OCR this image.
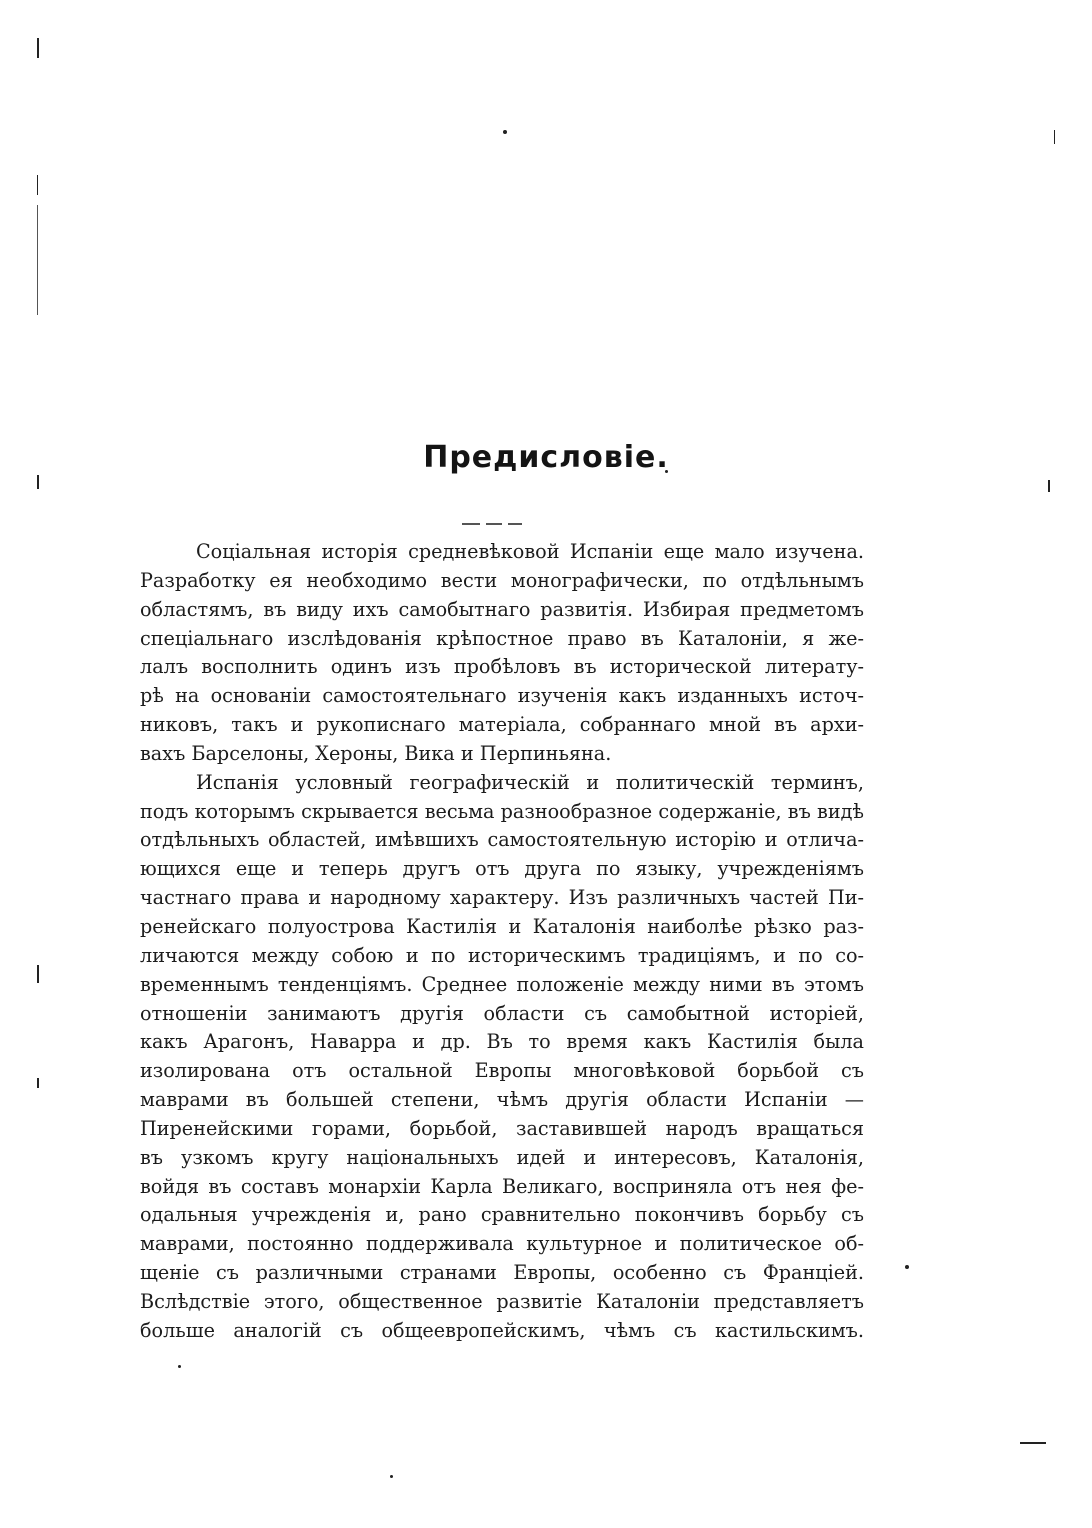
Предисловіе.
Соціальная исторія средневѣковой Испаніи еще мало изучена.
Разработку ея необходимо вести монографически, по отдѣльнымъ
областямъ, въ виду ихъ самобытнаго развитія. Избирая предметомъ
спеціальнаго изслѣдованія крѣпостное право въ Каталоніи, я же-
лалъ восполнить одинъ изъ пробѣловъ въ исторической литерату-
рѣ на основаніи самостоятельнаго изученія какъ изданныхъ источ-
никовъ, такъ и рукописнаго матеріала, собраннаго мной въ архи-
вахъ Барселоны, Хероны, Вика и Перпиньяна.
Испанія условный географическій и политическій терминъ,
подъ которымъ скрывается весьма разнообразное содержаніе, въ видѣ
отдѣльныхъ областей, имѣвшихъ самостоятельную исторію и отлича-
ющихся еще и теперь другъ отъ друга по языку, учрежденіямъ
частнаго права и народному характеру. Изъ различныхъ частей Пи-
ренейскаго полуострова Кастилія и Каталонія наиболѣе рѣзко раз-
личаются между собою и по историческимъ традиціямъ, и по со-
временнымъ тенденціямъ. Среднее положеніе между ними въ этомъ
отношеніи занимаютъ другія области съ самобытной исторіей,
какъ Арагонъ, Наварра и др. Въ то время какъ Кастилія была
изолирована отъ остальной Европы многовѣковой борьбой съ
маврами въ большей степени, чѣмъ другія области Испаніи —
Пиренейскими горами, борьбой, заставившей народъ вращаться
въ узкомъ кругу національныхъ идей и интересовъ, Каталонія,
войдя въ составъ монархіи Карла Великаго, восприняла отъ нея фе-
одальныя учрежденія и, рано сравнительно покончивъ борьбу съ
маврами, постоянно поддерживала культурное и политическое об-
щеніе съ различными странами Европы, особенно съ Франціей.
Вслѣдствіе этого, общественное развитіе Каталоніи представляетъ
больше аналогій съ общеевропейскимъ, чѣмъ съ кастильскимъ.
